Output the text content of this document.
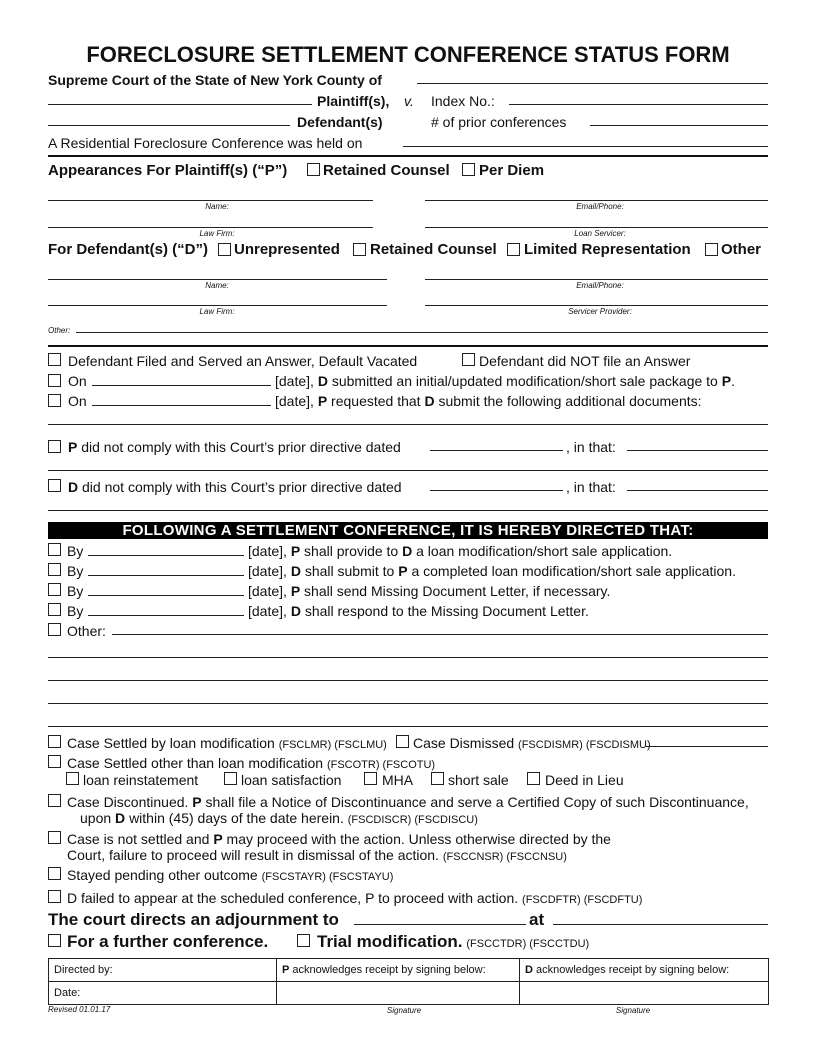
FORECLOSURE SETTLEMENT CONFERENCE STATUS FORM
Supreme Court of the State of New York County of
Plaintiff(s), v. Index No.:
Defendant(s)	# of prior conferences
A Residential Foreclosure Conference was held on
Appearances For Plaintiff(s) (“P”) Retained Counsel Per Diem
Name:	Email/Phone:
Law Firm:	Loan Servicer:
For Defendant(s) (“D”) Unrepresented Retained Counsel Limited Representation Other
Name:	Email/Phone:
Law Firm:	Servicer Provider:
Other:
Defendant Filed and Served an Answer, Default Vacated	Defendant did NOT file an Answer
On	[date], D submitted an initial/updated modification/short sale package to P.
On	[date], P requested that D submit the following additional documents:
P did not comply with this Court’s prior directive dated	, in that:
D did not comply with this Court’s prior directive dated	, in that:
FOLLOWING A SETTLEMENT CONFERENCE, IT IS HEREBY DIRECTED THAT:
By	[date], P shall provide to D a loan modification/short sale application.
By	[date], D shall submit to P a completed loan modification/short sale application.
By	[date], P shall send Missing Document Letter, if necessary.
By	[date], D shall respond to the Missing Document Letter.
Other:
Case Settled by loan modification (FSCLMR) (FSCLMU) Case Dismissed (FSCDISMR) (FSCDISMU)
Case Settled other than loan modification (FSCOTR) (FSCOTU)
loan reinstatement	loan satisfaction	MHA short sale	Deed in Lieu
Case Discontinued. P shall file a Notice of Discontinuance and serve a Certified Copy of such Discontinuance,
upon D within (45) days of the date herein. (FSCDISCR) (FSCDISCU)
Case is not settled and P may proceed with the action. Unless otherwise directed by the
Court, failure to proceed will result in dismissal of the action. (FSCCNSR) (FSCCNSU)
Stayed pending other outcome (FSCSTAYR) (FSCSTAYU)
D failed to appear at the scheduled conference, P to proceed with action. (FSCDFTR) (FSCDFTU)
The court directs an adjournment to	at
For a further conference.	Trial modification. (FSCCTDR) (FSCCTDU)
Directed by:	P acknowledges receipt by signing below:	D acknowledges receipt by signing below:
Date:		
Revised 01.01.17	Signature	Signature
